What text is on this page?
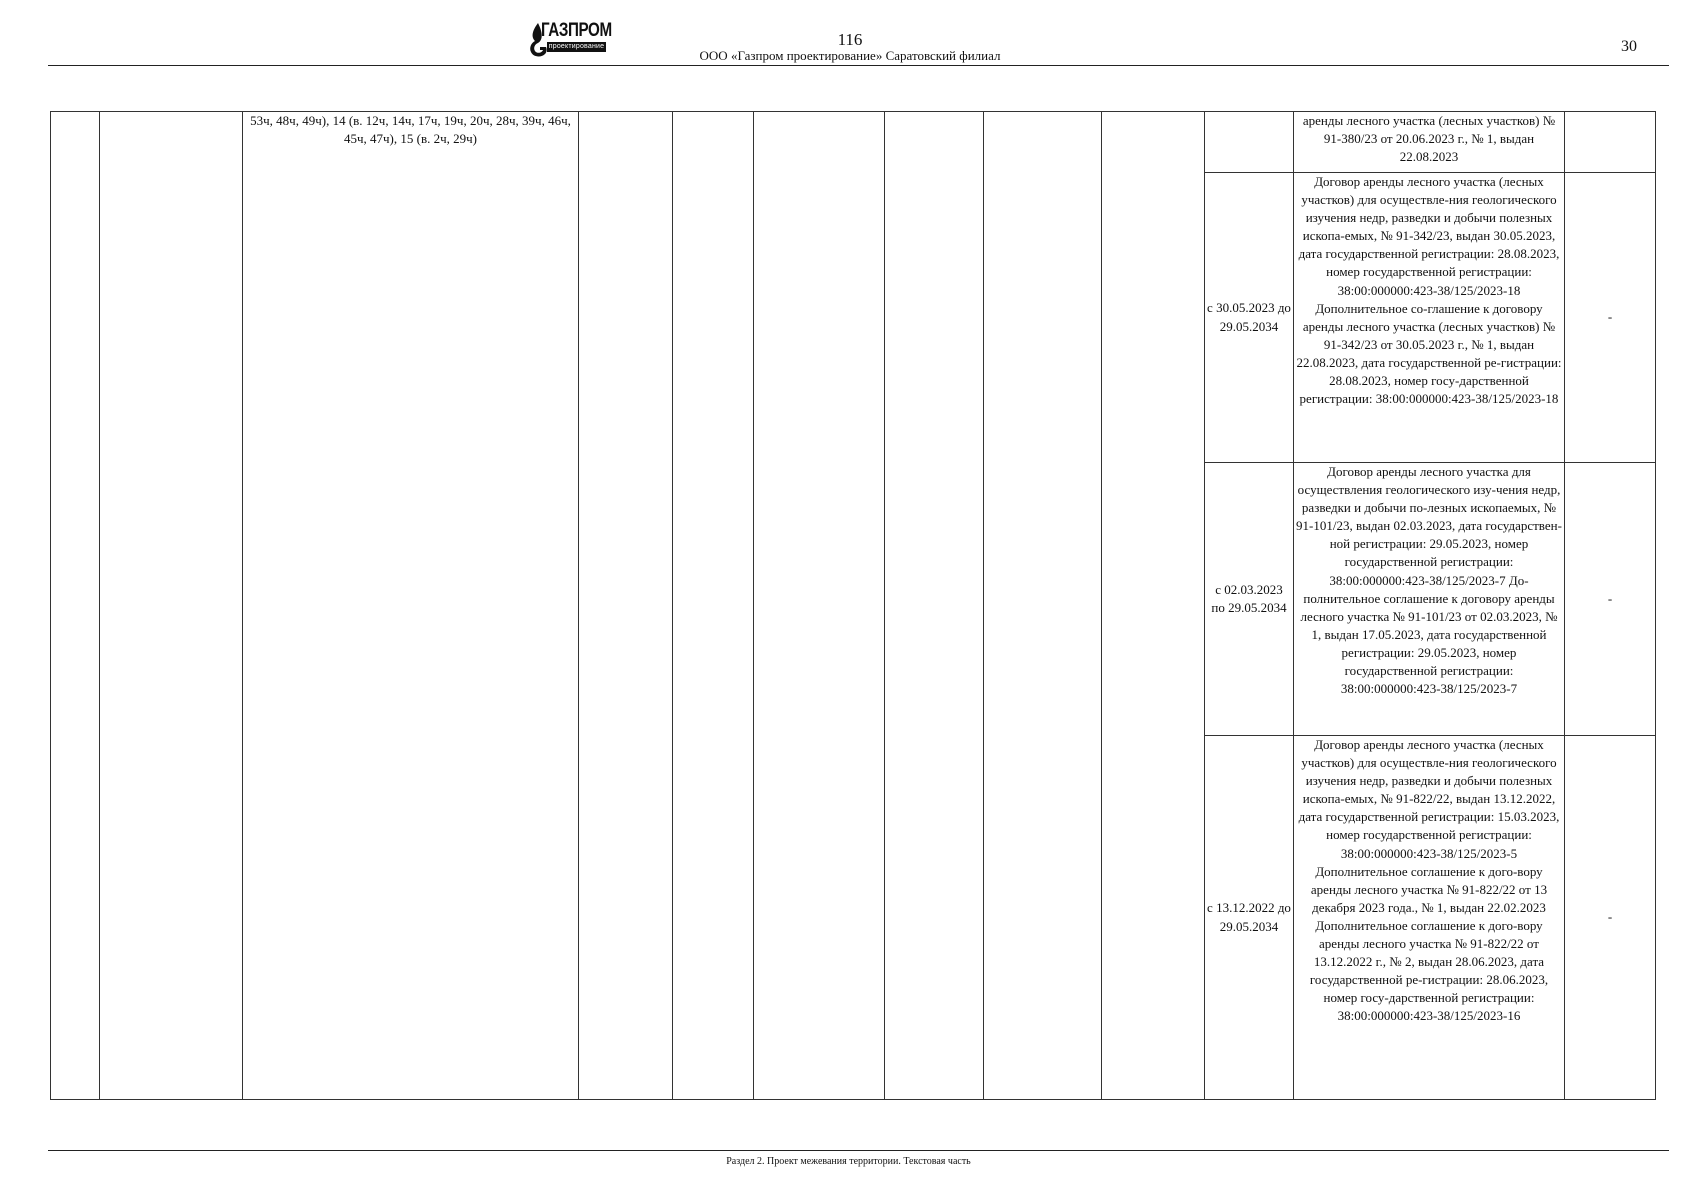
ГАЗПРОМ
проектирование	116
ООО «Газпром проектирование» Саратовский филиал
30
		53ч, 48ч, 49ч), 14 (в. 12ч, 14ч, 17ч, 19ч, 20ч, 28ч, 39ч, 46ч, 45ч, 47ч), 15 (в. 2ч, 29ч)								аренды лесного участка (лесных участков) № 91-380/23 от 20.06.2023 г., № 1, выдан 22.08.2023	
									с 30.05.2023 до 29.05.2034	Договор аренды лесного участка (лесных участков) для осуществле-ния геологического изучения недр, разведки и добычи полезных ископа-емых, № 91-342/23, выдан 30.05.2023, дата государственной регистрации: 28.08.2023, номер государственной регистрации: 38:00:000000:423-38/125/2023-18 Дополнительное со-глашение к договору аренды лесного участка (лесных участков) № 91-342/23 от 30.05.2023 г., № 1, выдан 22.08.2023, дата государственной ре-гистрации: 28.08.2023, номер госу-дарственной регистрации: 38:00:000000:423-38/125/2023-18	-
									с 02.03.2023 по 29.05.2034	Договор аренды лесного участка для осуществления геологического изу-чения недр, разведки и добычи по-лезных ископаемых, № 91-101/23, выдан 02.03.2023, дата государствен-ной регистрации: 29.05.2023, номер государственной регистрации: 38:00:000000:423-38/125/2023-7 До-полнительное соглашение к договору аренды лесного участка № 91-101/23 от 02.03.2023, № 1, выдан 17.05.2023, дата государственной регистрации: 29.05.2023, номер государственной регистрации: 38:00:000000:423-38/125/2023-7	-
									с 13.12.2022 до 29.05.2034	Договор аренды лесного участка (лесных участков) для осуществле-ния геологического изучения недр, разведки и добычи полезных ископа-емых, № 91-822/22, выдан 13.12.2022, дата государственной регистрации: 15.03.2023, номер государственной регистрации: 38:00:000000:423-38/125/2023-5 Дополнительное соглашение к дого-вору аренды лесного участка № 91-822/22 от 13 декабря 2023 года., № 1, выдан 22.02.2023 Дополнительное соглашение к дого-вору аренды лесного участка № 91-822/22 от 13.12.2022 г., № 2, выдан 28.06.2023, дата государственной ре-гистрации: 28.06.2023, номер госу-дарственной регистрации: 38:00:000000:423-38/125/2023-16	-
Раздел 2. Проект межевания территории. Текстовая часть
